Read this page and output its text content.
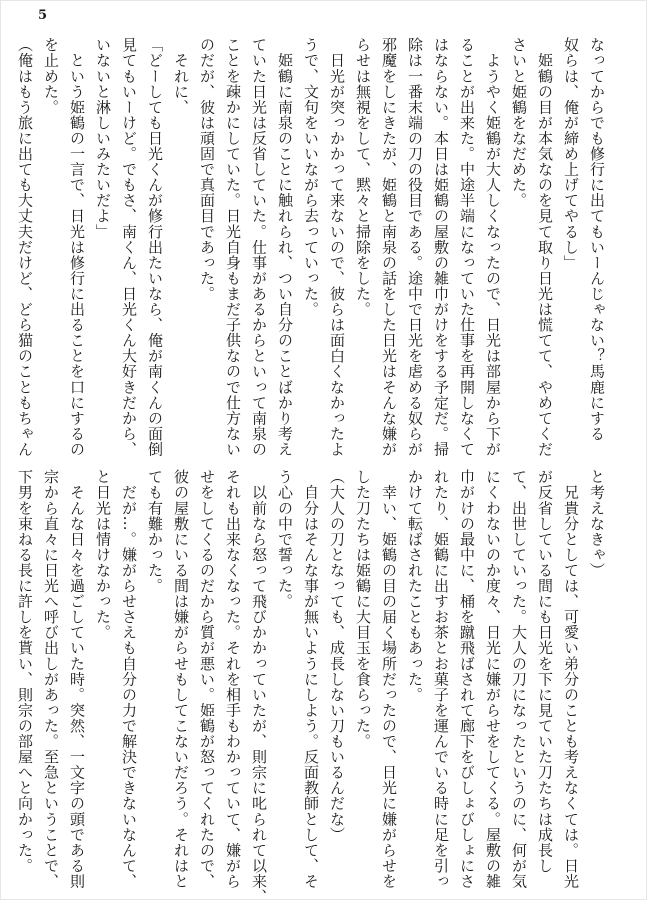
5
なってからでも修行に出てもいーんじゃない？馬鹿にする
奴らは、俺が締め上げてやるし」
　姫鶴の目が本気なのを見て取り日光は慌てて、やめてくだ
さいと姫鶴をなだめた。
　ようやく姫鶴が大人しくなったので、日光は部屋から下が
ることが出来た。中途半端になっていた仕事を再開しなくて
はならない。本日は姫鶴の屋敷の雑巾がけをする予定だ。掃
除は一番末端の刀の役目である。途中で日光を虐める奴らが
邪魔をしにきたが、姫鶴と南泉の話をした日光はそんな嫌が
らせは無視をして、黙々と掃除をした。
　日光が突っかかって来ないので、彼らは面白くなかったよ
うで、文句をいいながら去っていった。
　姫鶴に南泉のことに触れられ、つい自分のことばかり考え
ていた日光は反省していた。仕事があるからといって南泉の
ことを疎かにしていた。日光自身もまだ子供なので仕方ない
のだが、彼は頑固で真面目であった。
　それに、
「どーしても日光くんが修行出たいなら、俺が南くんの面倒
見てもいーけど。でもさ、南くん、日光くん大好きだから、
いないと淋しいみたいだよ」
　という姫鶴の一言で、日光は修行に出ることを口にするの
を止めた。
（俺はもう旅に出ても大丈夫だけど、どら猫のこともちゃん
と考えなきゃ）
　兄貴分としては、可愛い弟分のことも考えなくては。日光
が反省している間にも日光を下に見ていた刀たちは成長し
て、出世していった。大人の刀になったというのに、何が気
にくわないのか度々、日光に嫌がらせをしてくる。屋敷の雑
巾がけの最中に、桶を蹴飛ばされて廊下をびしょびしょにさ
れたり、姫鶴に出すお茶とお菓子を運んでいる時に足を引っ
かけて転ばされたこともあった。
　幸い、姫鶴の目の届く場所だったので、日光に嫌がらせを
した刀たちは姫鶴に大目玉を食らった。
（大人の刀となっても、成長しない刀もいるんだな）
　自分はそんな事が無いようにしよう。反面教師として、そ
う心の中で誓った。
　以前なら怒って飛びかかっていたが、則宗に叱られて以来、
それも出来なくなった。それを相手もわかっていて、嫌がら
せをしてくるのだから質が悪い。姫鶴が怒ってくれたので、
彼の屋敷にいる間は嫌がらせもしてこないだろう。それはと
ても有難かった。
　だが…。嫌がらせさえも自分の力で解決できないなんて、
と日光は情けなかった。
　そんな日々を過ごしていた時。突然、一文字の頭である則
宗から直々に日光へ呼び出しがあった。至急ということで、
下男を束ねる長に許しを貰い、則宗の部屋へと向かった。
